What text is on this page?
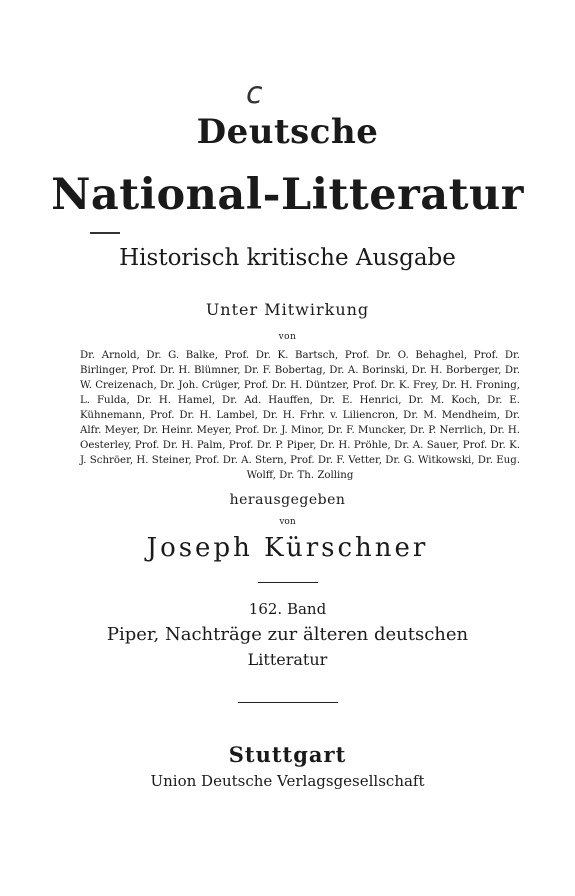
c
Deutsche
National-Litteratur
Historisch kritische Ausgabe
Unter Mitwirkung
von
Dr. Arnold, Dr. G. Balke, Prof. Dr. K. Bartsch, Prof. Dr. O. Behaghel, Prof. Dr. Birlinger, Prof. Dr. H. Blümner, Dr. F. Bobertag, Dr. A. Borinski, Dr. H. Borberger, Dr. W. Creizenach, Dr. Joh. Crüger, Prof. Dr. H. Düntzer, Prof. Dr. K. Frey, Dr. H. Froning, L. Fulda, Dr. H. Hamel, Dr. Ad. Hauffen, Dr. E. Henrici, Dr. M. Koch, Dr. E. Kühnemann, Prof. Dr. H. Lambel, Dr. H. Frhr. v. Liliencron, Dr. M. Mendheim, Dr. Alfr. Meyer, Dr. Heinr. Meyer, Prof. Dr. J. Minor, Dr. F. Muncker, Dr. P. Nerrlich, Dr. H. Oesterley, Prof. Dr. H. Palm, Prof. Dr. P. Piper, Dr. H. Pröhle, Dr. A. Sauer, Prof. Dr. K. J. Schröer, H. Steiner, Prof. Dr. A. Stern, Prof. Dr. F. Vetter, Dr. G. Witkowski, Dr. Eug. Wolff, Dr. Th. Zolling
herausgegeben
von
Joseph Kürschner
162. Band
Piper, Nachträge zur älteren deutschen
Litteratur
Stuttgart
Union Deutsche Verlagsgesellschaft
